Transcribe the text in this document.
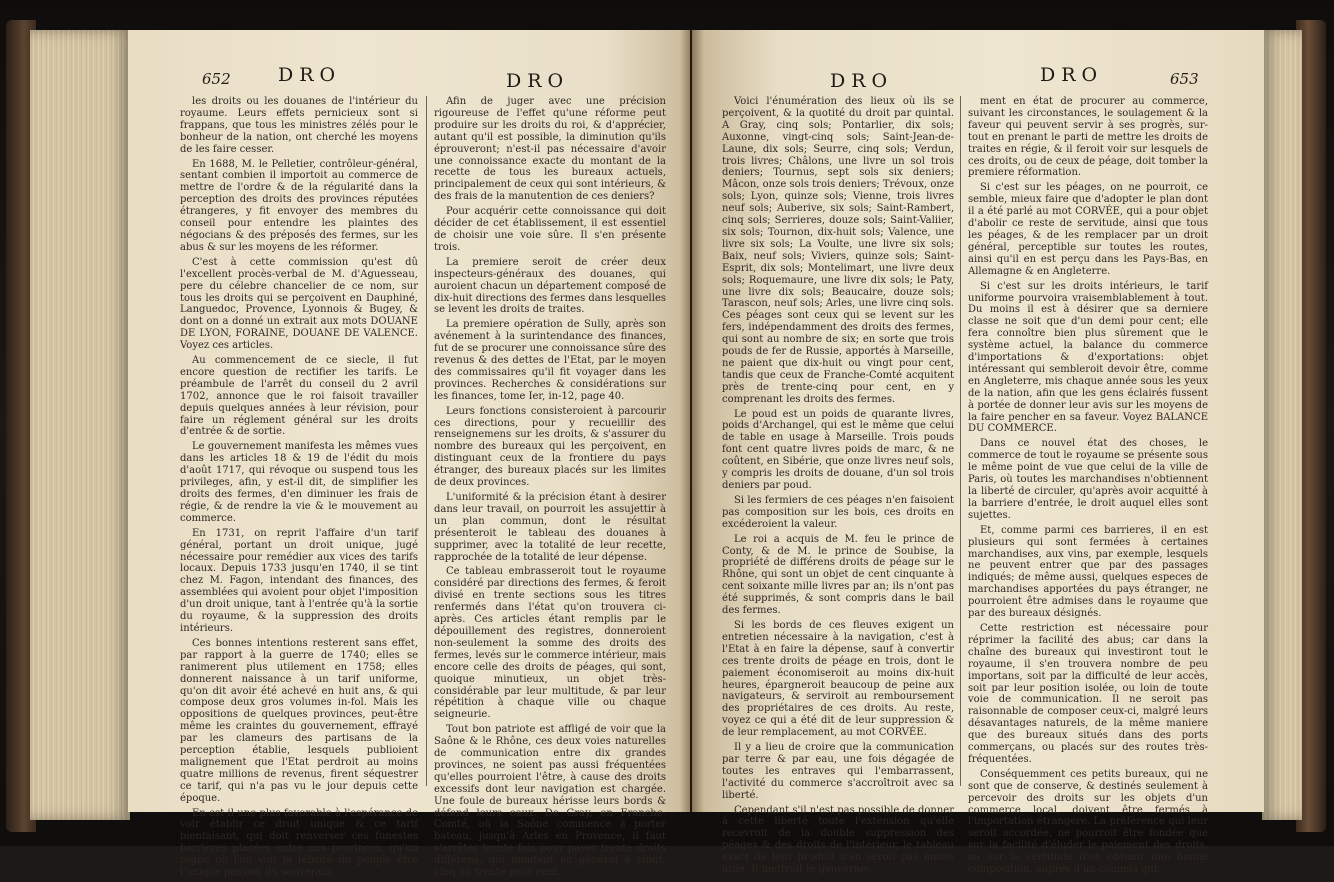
652 DRO	DRO

les droits ou les douanes de l'intérieur du royaume. Leurs effets pernicieux sont si frappans, que tous les ministres zélés pour le bonheur de la nation, ont cherché les moyens de les faire cesser.

En 1688, M. le Pelletier, contrôleur-général, sentant combien il importoit au commerce de mettre de l'ordre & de la régularité dans la perception des droits des provinces réputées étrangeres, y fit envoyer des membres du conseil pour entendre les plaintes des négocians & des préposés des fermes, sur les abus & sur les moyens de les réformer.

C'est à cette commission qu'est dû l'excellent procès-verbal de M. d'Aguesseau, pere du célebre chancelier de ce nom, sur tous les droits qui se perçoivent en Dauphiné, Languedoc, Provence, Lyonnois & Bugey, & dont on a donné un extrait aux mots DOUANE DE LYON, FORAINE, DOUANE DE VALENCE. Voyez ces articles.

Au commencement de ce siecle, il fut encore question de rectifier les tarifs. Le préambule de l'arrêt du conseil du 2 avril 1702, annonce que le roi faisoit travailler depuis quelques années à leur révision, pour faire un réglement général sur les droits d'entrée & de sortie.

Le gouvernement manifesta les mêmes vues dans les articles 18 & 19 de l'édit du mois d'août 1717, qui révoque ou suspend tous les privileges, afin, y est-il dit, de simplifier les droits des fermes, d'en diminuer les frais de régie, & de rendre la vie & le mouvement au commerce.

En 1731, on reprit l'affaire d'un tarif général, portant un droit unique, jugé nécessaire pour remédier aux vices des tarifs locaux. Depuis 1733 jusqu'en 1740, il se tint chez M. Fagon, intendant des finances, des assemblées qui avoient pour objet l'imposition d'un droit unique, tant à l'entrée qu'à la sortie du royaume, & la suppression des droits intérieurs.

Ces bonnes intentions resterent sans effet, par rapport à la guerre de 1740; elles se ranimerent plus utilement en 1758; elles donnerent naissance à un tarif uniforme, qu'on dit avoir été achevé en huit ans, & qui compose deux gros volumes in-fol. Mais les oppositions de quelques provinces, peut-être même les craintes du gouvernement, effrayé par les clameurs des partisans de la perception établie, lesquels publioient malignement que l'Etat perdroit au moins quatre millions de revenus, firent séquestrer ce tarif, qui n'a pas vu le jour depuis cette époque.

En est-il une plus favorable à l'espérance de voir établir ce droit unique & ce tarif bienfaisant, qui doit renverser ces funestes barrieres placées entre nos provinces, qu'un regne où l'on voit la félicité du peuple être l'unique passion du souverain.

Afin de juger avec une précision rigoureuse de l'effet qu'une réforme peut produire sur les droits du roi, & d'apprécier, autant qu'il est possible, la diminution qu'ils éprouveront; n'est-il pas nécessaire d'avoir une connoissance exacte du montant de la recette de tous les bureaux actuels, principalement de ceux qui sont intérieurs, & des frais de la manutention de ces deniers?

Pour acquérir cette connoissance qui doit décider de cet établissement, il est essentiel de choisir une voie sûre. Il s'en présente trois.

La premiere seroit de créer deux inspecteurs-généraux des douanes, qui auroient chacun un département composé de dix-huit directions des fermes dans lesquelles se levent les droits de traites.

La premiere opération de Sully, après son avénement à la surintendance des finances, fut de se procurer une connoissance sûre des revenus & des dettes de l'Etat, par le moyen des commissaires qu'il fit voyager dans les provinces. Recherches & considérations sur les finances, tome Ier, in-12, page 40.

Leurs fonctions consisteroient à parcourir ces directions, pour y recueillir des renseignemens sur les droits, & s'assurer du nombre des bureaux qui les perçoivent, en distinguant ceux de la frontiere du pays étranger, des bureaux placés sur les limites de deux provinces.

L'uniformité & la précision étant à desirer dans leur travail, on pourroit les assujettir à un plan commun, dont le résultat présenteroit le tableau des douanes à supprimer, avec la totalité de leur recette, rapprochée de la totalité de leur dépense.

Ce tableau embrasseroit tout le royaume considéré par directions des fermes, & feroit divisé en trente sections sous les titres renfermés dans l'état qu'on trouvera ci-après. Ces articles étant remplis par le dépouillement des registres, donneroient non-seulement la somme des droits des fermes, levés sur le commerce intérieur, mais encore celle des droits de péages, qui sont, quoique minutieux, un objet très-considérable par leur multitude, & par leur répétition à chaque ville ou chaque seigneurie.

Tout bon patriote est affligé de voir que la Saône & le Rhône, ces deux voies naturelles de communication entre dix grandes provinces, ne soient pas aussi fréquentées qu'elles pourroient l'être, à cause des droits excessifs dont leur navigation est chargée. Une foule de bureaux hérisse leurs bords & défend leurs eaux. De Gray, en Franche-Comté, où la Saône commence à porter bateau, jusqu'à Arles en Provence, il faut s'arrêter trente fois pour payer trente droits différens, qui montent en général à vingt-cinq ou trente pour cent.

DRO	DRO	653

Voici l'énumération des lieux où ils se perçoivent, & la quotité du droit par quintal. A Gray, cinq sols; Pontarlier, dix sols; Auxonne, vingt-cinq sols; Saint-Jean-de-Laune, dix sols; Seurre, cinq sols; Verdun, trois livres; Châlons, une livre un sol trois deniers; Tournus, sept sols six deniers; Mâcon, onze sols trois deniers; Trévoux, onze sols; Lyon, quinze sols; Vienne, trois livres neuf sols; Auberive, six sols; Saint-Rambert, cinq sols; Serrieres, douze sols; Saint-Valiier, six sols; Tournon, dix-huit sols; Valence, une livre six sols; La Voulte, une livre six sols; Baix, neuf sols; Viviers, quinze sols; Saint-Esprit, dix sols; Montelimart, une livre deux sols; Roquemaure, une livre dix sols; le Paty, une livre dix sols; Beaucaire, douze sols; Tarascon, neuf sols; Arles, une livre cinq sols. Ces péages sont ceux qui se levent sur les fers, indépendamment des droits des fermes, qui sont au nombre de six; en sorte que trois pouds de fer de Russie, apportés à Marseille, ne paient que dix-huit ou vingt pour cent, tandis que ceux de Franche-Comté acquitent près de trente-cinq pour cent, en y comprenant les droits des fermes.

Le poud est un poids de quarante livres, poids d'Archangel, qui est le même que celui de table en usage à Marseille. Trois pouds font cent quatre livres poids de marc, & ne coûtent, en Sibérie, que onze livres neuf sols, y compris les droits de douane, d'un sol trois deniers par poud.

Si les fermiers de ces péages n'en faisoient pas composition sur les bois, ces droits en excéderoient la valeur.

Le roi a acquis de M. feu le prince de Conty, & de M. le prince de Soubise, la propriété de différens droits de péage sur le Rhône, qui sont un objet de cent cinquante à cent soixante mille livres par an; ils n'ont pas été supprimés, & sont compris dans le bail des fermes.

Si les bords de ces fleuves exigent un entretien nécessaire à la navigation, c'est à l'Etat à en faire la dépense, sauf à convertir ces trente droits de péage en trois, dont le paiement économiseroit au moins dix-huit heures, épargneroit beaucoup de peine aux navigateurs, & serviroit au remboursement des propriétaires de ces droits. Au reste, voyez ce qui a été dit de leur suppression & de leur remplacement, au mot CORVÉE.

Il y a lieu de croire que la communication par terre & par eau, une fois dégagée de toutes les entraves qui l'embarrassent, l'activité du commerce s'accroîtroit avec sa liberté.

Cependant s'il n'est pas possible de donner à cette liberté toute l'extension qu'elle recevroit de la double suppression des péages & des droits de l'intérieur, le tableau exact de leur produit n'en seroit pas moins utile. Il mettroit le gouverne-

ment en état de procurer au commerce, suivant les circonstances, le soulagement & la faveur qui peuvent servir à ses progrès, sur-tout en prenant le parti de mettre les droits de traites en régie, & il feroit voir sur lesquels de ces droits, ou de ceux de péage, doit tomber la premiere réformation.

Si c'est sur les péages, on ne pourroit, ce semble, mieux faire que d'adopter le plan dont il a été parlé au mot CORVÉE, qui a pour objet d'abolir ce reste de servitude, ainsi que tous les péages, & de les remplacer par un droit général, perceptible sur toutes les routes, ainsi qu'il en est perçu dans les Pays-Bas, en Allemagne & en Angleterre.

Si c'est sur les droits intérieurs, le tarif uniforme pourvoira vraisemblablement à tout. Du moins il est à désirer que sa derniere classe ne soit que d'un demi pour cent; elle fera connoître bien plus sûrement que le système actuel, la balance du commerce d'importations & d'exportations: objet intéressant qui sembleroit devoir être, comme en Angleterre, mis chaque année sous les yeux de la nation, afin que les gens éclairés fussent à portée de donner leur avis sur les moyens de la faire pencher en sa faveur. Voyez BALANCE DU COMMERCE.

Dans ce nouvel état des choses, le commerce de tout le royaume se présente sous le même point de vue que celui de la ville de Paris, où toutes les marchandises n'obtiennent la liberté de circuler, qu'après avoir acquitté à la barriere d'entrée, le droit auquel elles sont sujettes.

Et, comme parmi ces barrieres, il en est plusieurs qui sont fermées à certaines marchandises, aux vins, par exemple, lesquels ne peuvent entrer que par des passages indiqués; de même aussi, quelques especes de marchandises apportées du pays étranger, ne pourroient être admises dans le royaume que par des bureaux désignés.

Cette restriction est nécessaire pour réprimer la facilité des abus; car dans la chaîne des bureaux qui investiront tout le royaume, il s'en trouvera nombre de peu importans, soit par la difficulté de leur accès, soit par leur position isolée, ou loin de toute voie de communication. Il ne seroit pas raisonnable de composer ceux-ci, malgré leurs désavantages naturels, de la même maniere que des bureaux situés dans des ports commerçans, ou placés sur des routes très-fréquentées.

Conséquemment ces petits bureaux, qui ne sont que de conserve, & destinés seulement à percevoir des droits sur les objets d'un commerce local, doivent être fermés à l'importation étrangere. La préférence qui leur seroit accordée, ne pourroit être fondée que sur la facilité d'éluder le paiement des droits, ou sur la certitude d'en obtenir une bonne composition, auprès d'un commis qui,
